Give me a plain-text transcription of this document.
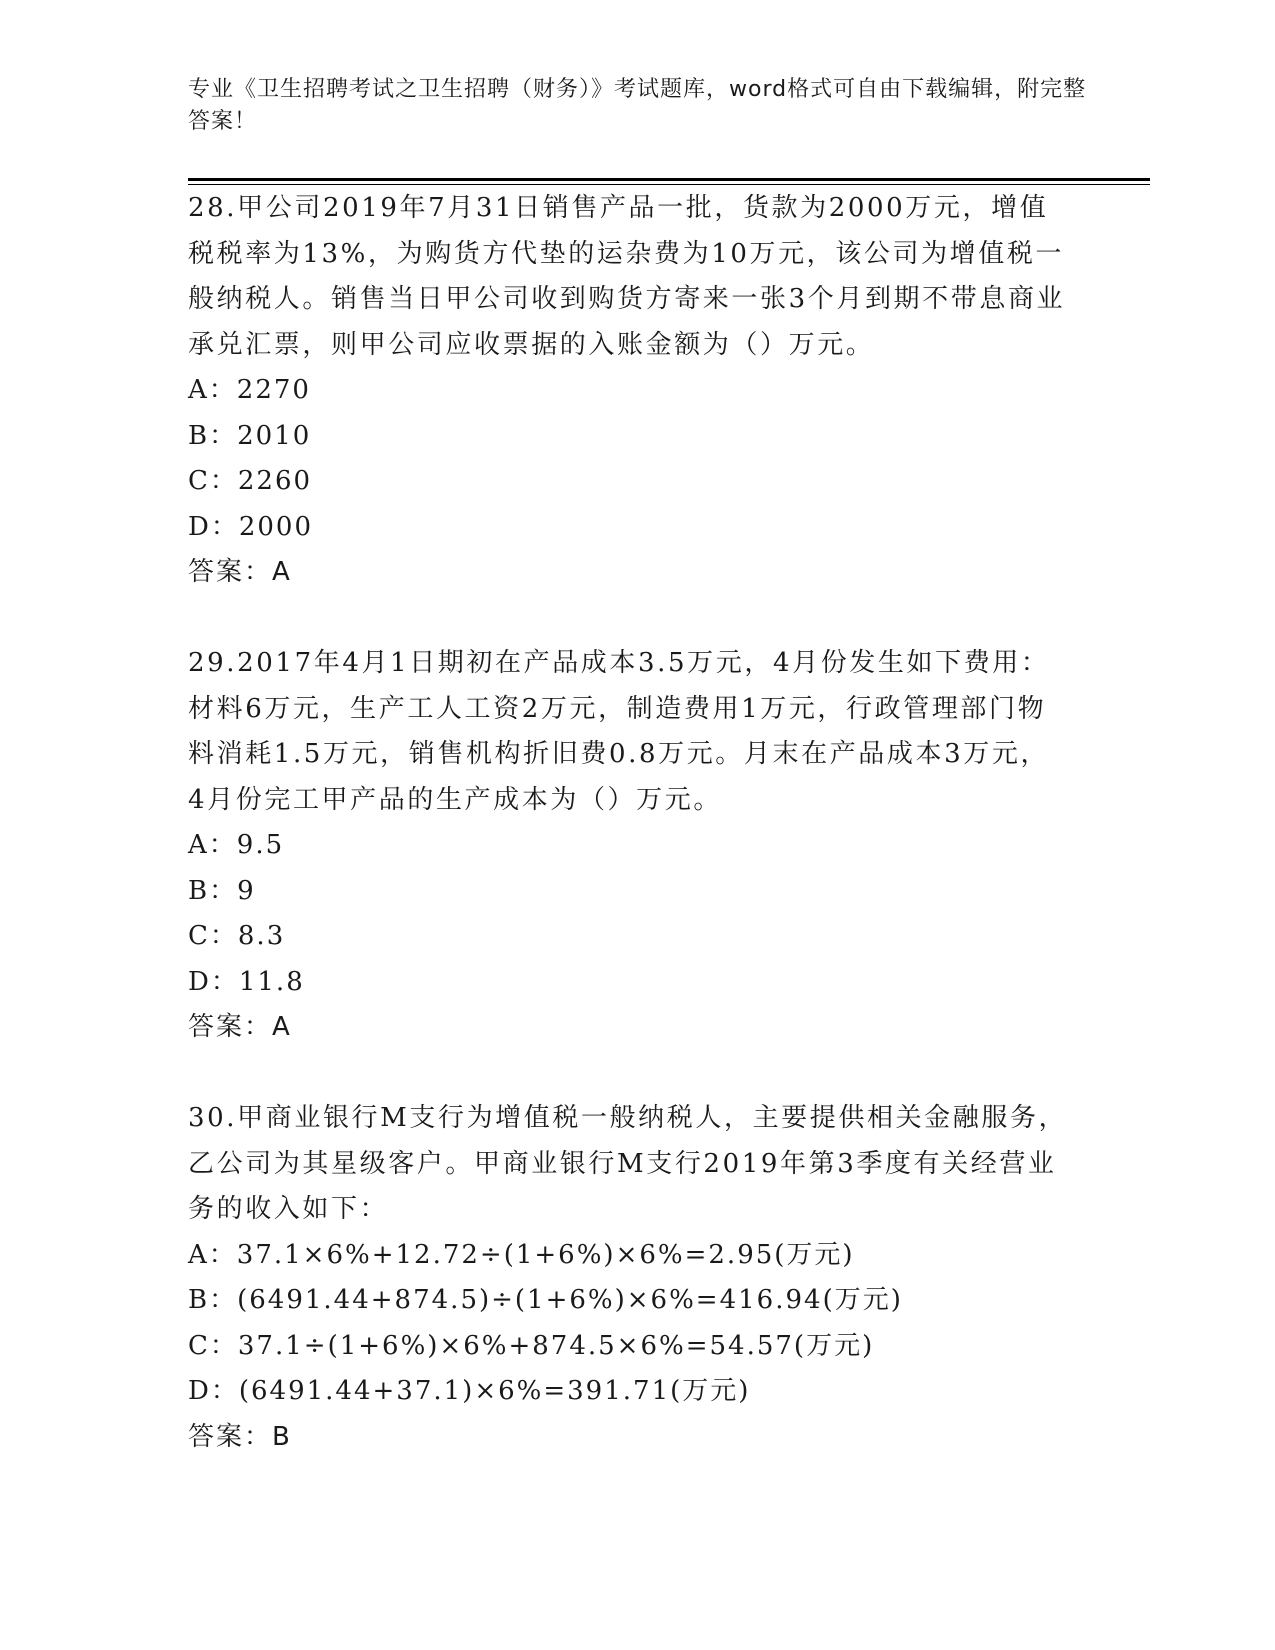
专业《卫生招聘考试之卫生招聘（财务）》考试题库，word格式可自由下载编辑，附完整答案！

28.甲公司2019年7月31日销售产品一批，货款为2000万元，增值税税率为13%，为购货方代垫的运杂费为10万元，该公司为增值税一般纳税人。销售当日甲公司收到购货方寄来一张3个月到期不带息商业承兑汇票，则甲公司应收票据的入账金额为（）万元。

A：2270

B：2010

C：2260

D：2000

答案：A

29.2017年4月1日期初在产品成本3.5万元，4月份发生如下费用：材料6万元，生产工人工资2万元，制造费用1万元，行政管理部门物料消耗1.5万元，销售机构折旧费0.8万元。月末在产品成本3万元，4月份完工甲产品的生产成本为（）万元。

A：9.5

B：9

C：8.3

D：11.8

答案：A

30.甲商业银行M支行为增值税一般纳税人，主要提供相关金融服务，乙公司为其星级客户。甲商业银行M支行2019年第3季度有关经营业务的收入如下：

A：37.1×6%+12.72÷(1+6%)×6%=2.95(万元)

B：(6491.44+874.5)÷(1+6%)×6%=416.94(万元)

C：37.1÷(1+6%)×6%+874.5×6%=54.57(万元)

D：(6491.44+37.1)×6%=391.71(万元)

答案：B
